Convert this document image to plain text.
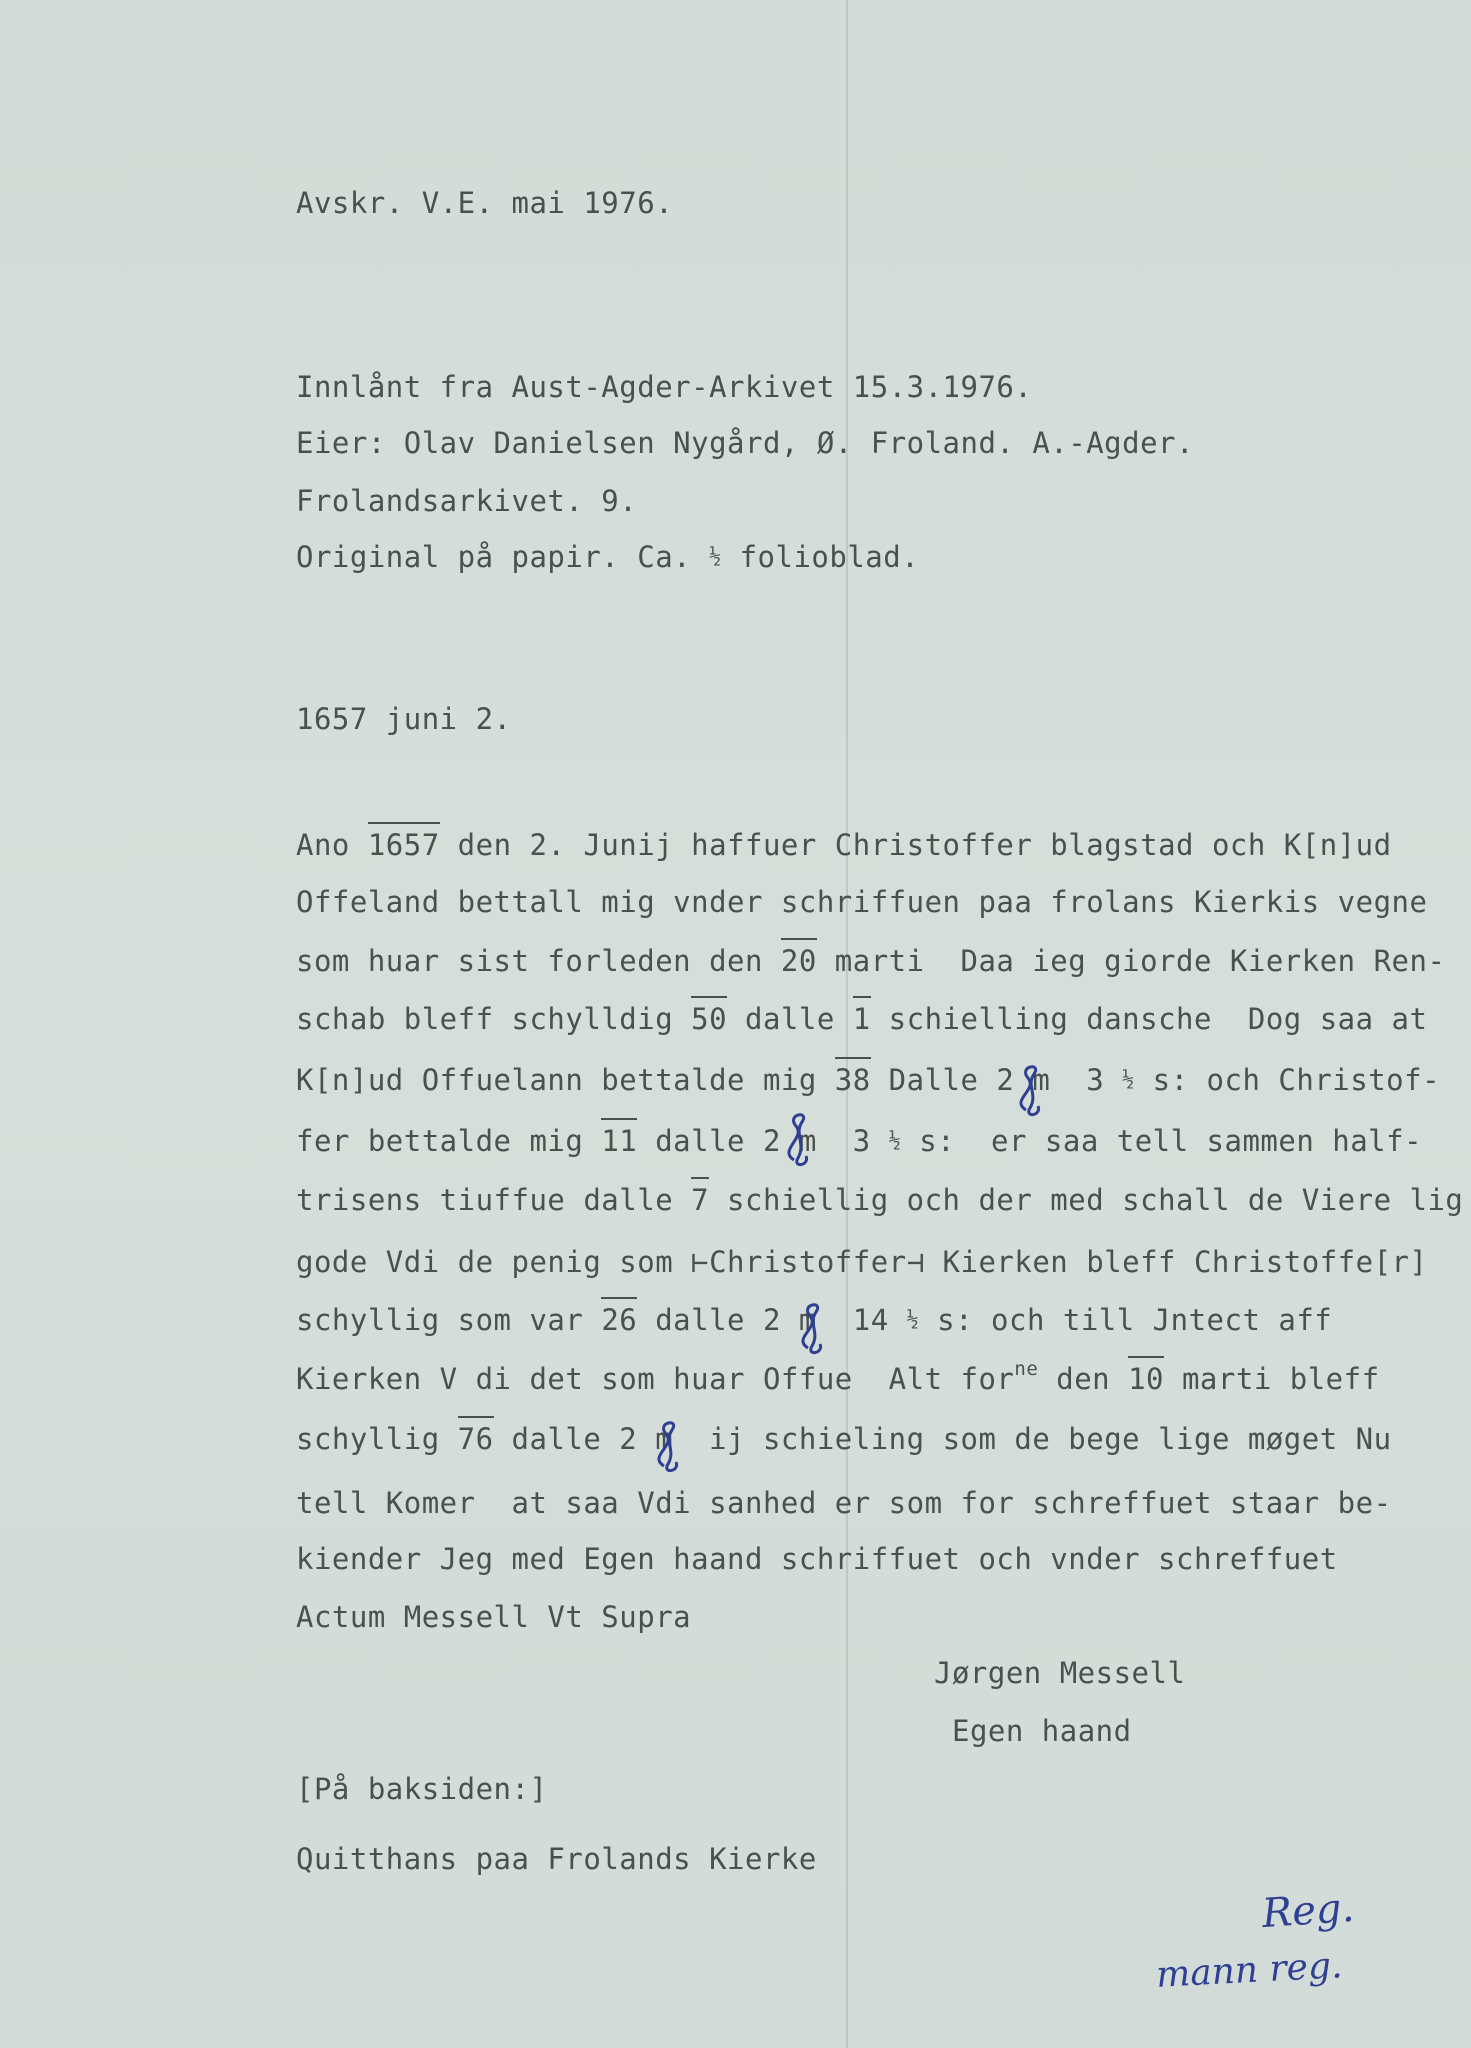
Avskr. V.E. mai 1976.
Innlånt fra Aust-Agder-Arkivet 15.3.1976.
Eier: Olav Danielsen Nygård, Ø. Froland. A.-Agder.
Frolandsarkivet. 9.
Original på papir. Ca. ½ folioblad.
1657 juni 2.
Ano 1657 den 2. Junij haffuer Christoffer blagstad och K[n]ud
Offeland bettall mig vnder schriffuen paa frolans Kierkis vegne
som huar sist forleden den 20 marti  Daa ieg giorde Kierken Ren-
schab bleff schylldig 50 dalle 1 schielling dansche  Dog saa at
K[n]ud Offuelann bettalde mig 38 Dalle 2 m  3 ½ s: och Christof-
fer bettalde mig 11 dalle 2 m  3 ½ s:  er saa tell sammen half-
trisens tiuffue dalle 7 schiellig och der med schall de Viere lig
gode Vdi de penig som ⊢Christoffer⊣ Kierken bleff Christoffe[r]
schyllig som var 26 dalle 2 m  14 ½ s: och till Jntect aff
Kierken V di det som huar Offue  Alt for$^{ne}$ den 10 marti bleff
schyllig 76 dalle 2 m  ij schieling som de bege lige møget Nu
tell Komer  at saa Vdi sanhed er som for schreffuet staar be-
kiender Jeg med Egen haand schriffuet och vnder schreffuet
Actum Messell Vt Supra
Jørgen Messell
Egen haand
[På baksiden:]
Quitthans paa Frolands Kierke
Reg.
mann reg.
